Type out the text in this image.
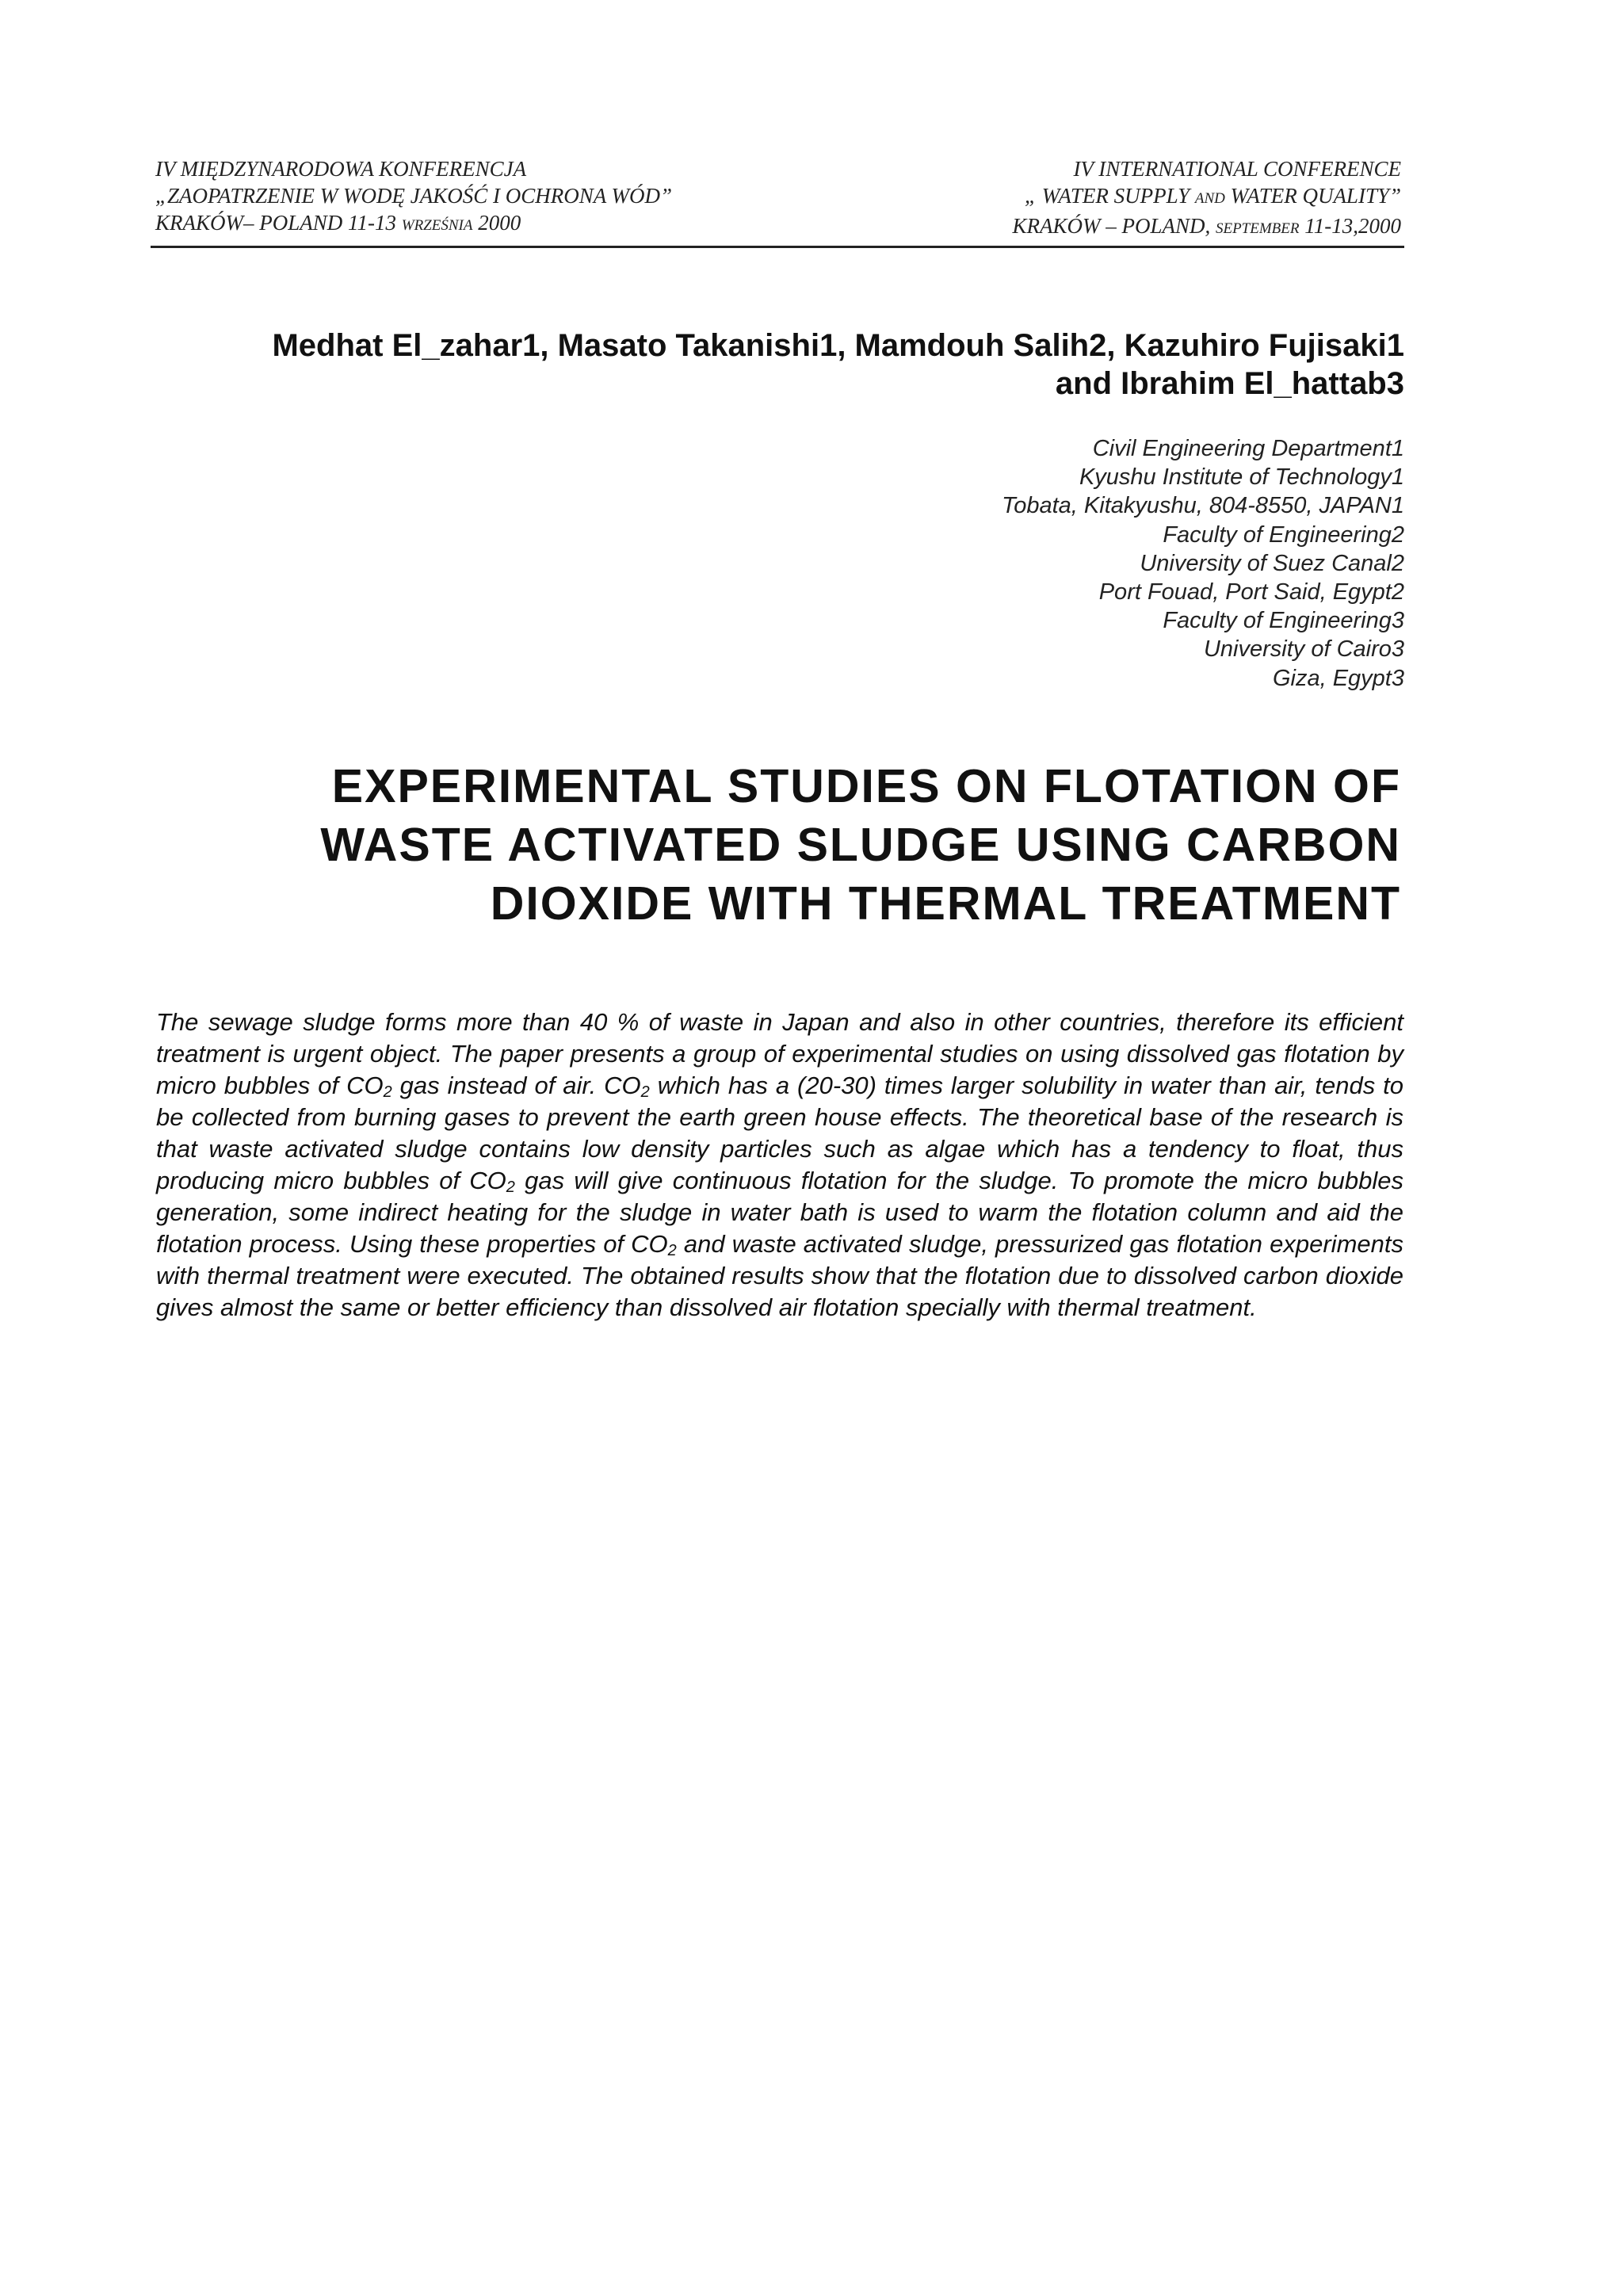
IV MIĘDZYNARODOWA KONFERENCJA
„ZAOPATRZENIE W WODĘ JAKOŚĆ I OCHRONA WÓD”
KRAKÓW– POLAND 11-13 WRZEŚNIA 2000
IV INTERNATIONAL CONFERENCE
„ WATER SUPPLY AND WATER QUALITY”
KRAKÓW – POLAND, SEPTEMBER 11-13,2000
Medhat El_zahar1, Masato Takanishi1, Mamdouh Salih2, Kazuhiro Fujisaki1
and Ibrahim El_hattab3
Civil Engineering Department1
Kyushu Institute of Technology1
Tobata, Kitakyushu, 804-8550, JAPAN1
Faculty of Engineering2
University of Suez Canal2
Port Fouad, Port Said, Egypt2
Faculty of Engineering3
University of Cairo3
Giza, Egypt3
EXPERIMENTAL STUDIES ON FLOTATION OF
WASTE ACTIVATED SLUDGE USING CARBON
DIOXIDE WITH THERMAL TREATMENT

The sewage sludge forms more than 40 % of waste in Japan and also in other countries, therefore its efficient treatment is urgent object. The paper presents a group of experimental studies on using dissolved gas flotation by micro bubbles of $CO_2$ gas instead of air. $CO_2$ which has a (20-30) times larger solubility in water than air, tends to be collected from burning gases to prevent the earth green house effects. The theoretical base of the research is that waste activated sludge contains low density particles such as algae which has a tendency to float, thus producing micro bubbles of $CO_2$ gas will give continuous flotation for the sludge. To promote the micro bubbles generation, some indirect heating for the sludge in water bath is used to warm the flotation column and aid the flotation process. Using these properties of $CO_2$ and waste activated sludge, pressurized gas flotation experiments with thermal treatment were executed. The obtained results show that the flotation due to dissolved carbon dioxide gives almost the same or better efficiency than dissolved air flotation specially with thermal treatment.
